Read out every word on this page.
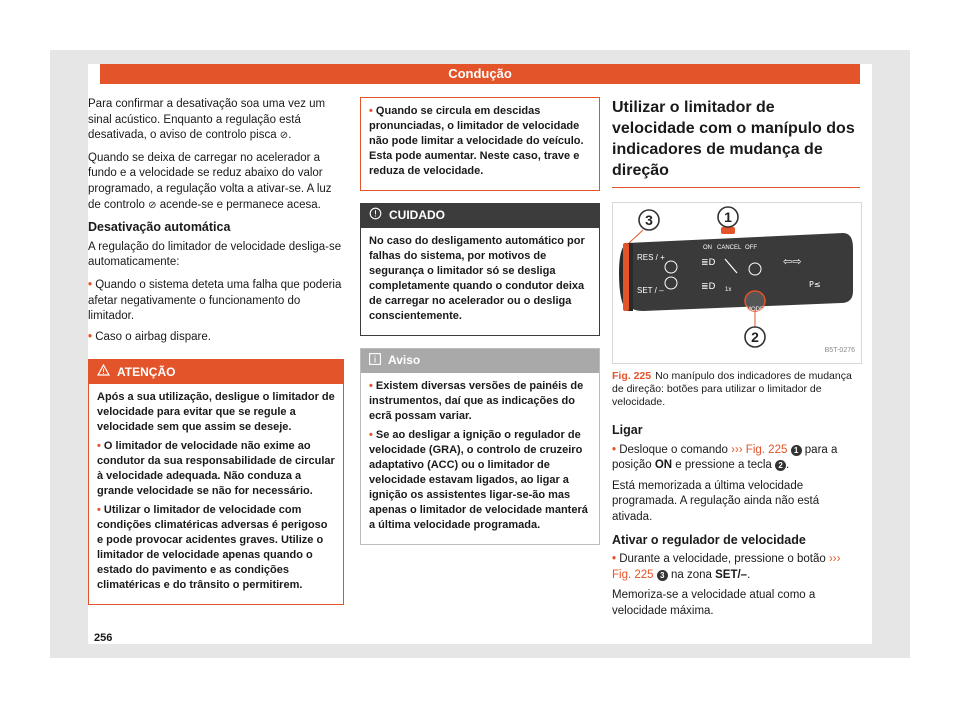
Condução

Para confirmar a desativação soa uma vez um sinal acústico. Enquanto a regulação está desativada, o aviso de controlo pisca ⊘.

Quando se deixa de carregar no acelerador a fundo e a velocidade se reduz abaixo do valor programado, a regulação volta a ativar-se. A luz de controlo ⊘ acende-se e permanece acesa.

Desativação automática

A regulação do limitador de velocidade desliga-se automaticamente:

• Quando o sistema deteta uma falha que poderia afetar negativamente o funcionamento do limitador.

• Caso o airbag dispare.

ATENÇÃO

Após a sua utilização, desligue o limitador de velocidade para evitar que se regule a velocidade sem que assim se deseje.

• O limitador de velocidade não exime ao condutor da sua responsabilidade de circular à velocidade adequada. Não conduza a grande velocidade se não for necessário.

• Utilizar o limitador de velocidade com condições climatéricas adversas é perigoso e pode provocar acidentes graves. Utilize o limitador de velocidade apenas quando o estado do pavimento e as condições climatéricas e do trânsito o permitirem.

• Quando se circula em descidas pronunciadas, o limitador de velocidade não pode limitar a velocidade do veículo. Esta pode aumentar. Neste caso, trave e reduza de velocidade.

CUIDADO

No caso do desligamento automático por falhas do sistema, por motivos de segurança o limitador só se desliga completamente quando o condutor deixa de carregar no acelerador ou o desliga conscientemente.

Aviso

• Existem diversas versões de painéis de instrumentos, daí que as indicações do ecrã possam variar.

• Se ao desligar a ignição o regulador de velocidade (GRA), o controlo de cruzeiro adaptativo (ACC) ou o limitador de velocidade estavam ligados, ao ligar a ignição os assistentes ligar-se-ão mas apenas o limitador de velocidade manterá a última velocidade programada.

Utilizar o limitador de velocidade com o manípulo dos indicadores de mudança de direção
RES / +
SET / –
ON CANCEL OFF
MODE
1x
≣D
≣D
⇦⇨
P≤
1
3
2
B5T-0276
Fig. 225 No manípulo dos indicadores de mudança de direção: botões para utilizar o limitador de velocidade.
Ligar

• Desloque o comando ››› Fig. 225 1 para a posição ON e pressione a tecla 2 .

Está memorizada a última velocidade programada. A regulação ainda não está ativada.

Ativar o regulador de velocidade

• Durante a velocidade, pressione o botão ››› Fig. 225 3 na zona SET/–.

Memoriza-se a velocidade atual como a velocidade máxima.

256
